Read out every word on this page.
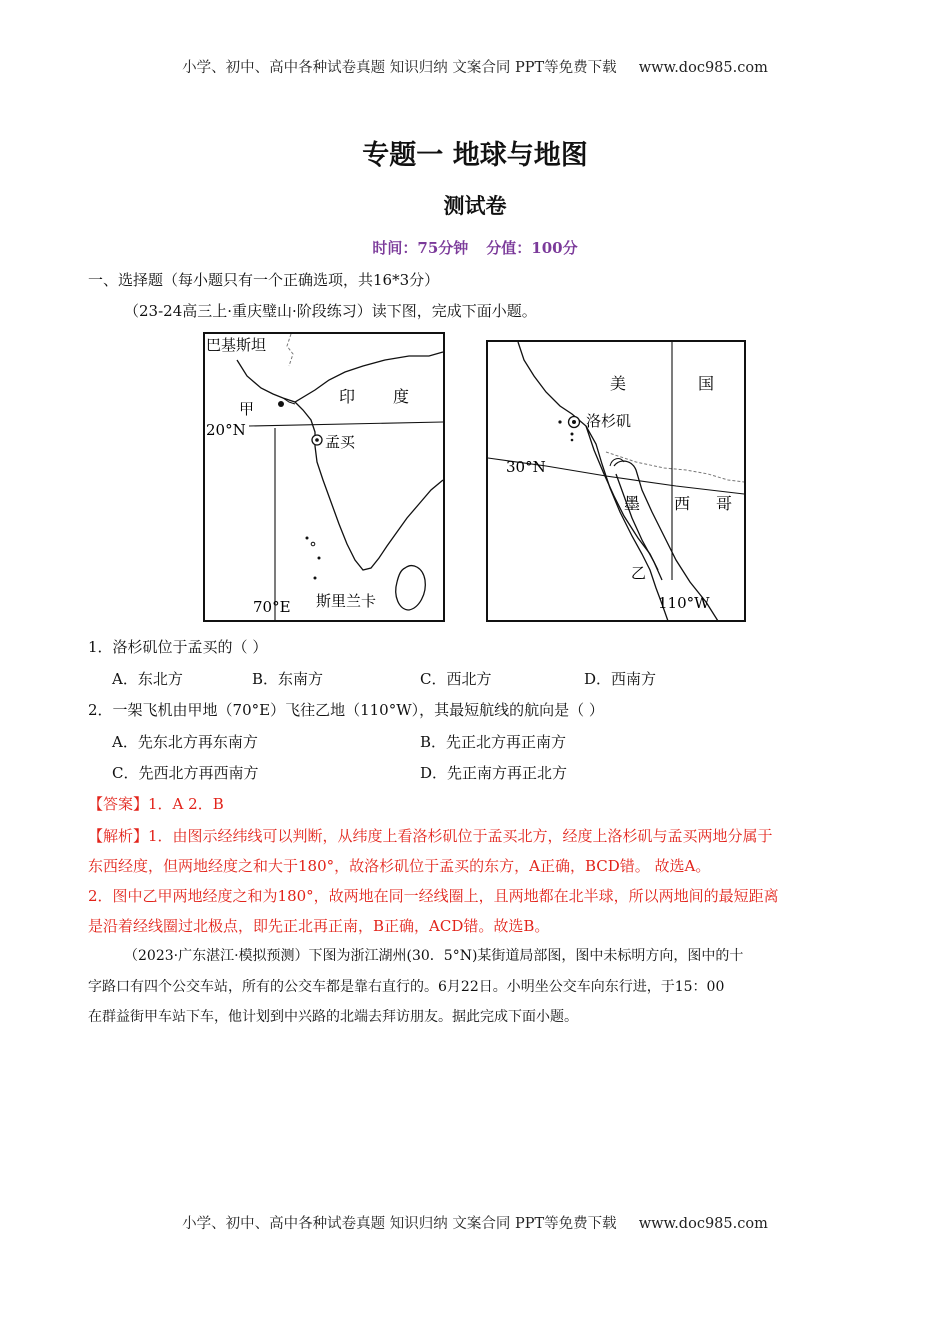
小学、初中、高中各种试卷真题 知识归纳 文案合同 PPT等免费下载 www.doc985.com
专题一 地球与地图
测试卷
时间：75分钟 分值：100分
一、选择题（每小题只有一个正确选项，共16*3分）
（23-24高三上·重庆璧山·阶段练习）读下图，完成下面小题。
巴基斯坦
印 度
甲
20°N
孟买
70°E 斯里兰卡
美	国
洛杉矶
30°N
墨 西 哥
乙
110°W
1．洛杉矶位于孟买的（ ）
A．东北方	B．东南方	C．西北方	D．西南方
2．一架飞机由甲地（70°E）飞往乙地（110°W），其最短航线的航向是（ ）
A．先东北方再东南方	B．先正北方再正南方
C．先西北方再西南方	D．先正南方再正北方
【答案】1．A 2．B
【解析】1．由图示经纬线可以判断，从纬度上看洛杉矶位于孟买北方，经度上洛杉矶与孟买两地分属于
东西经度，但两地经度之和大于180°，故洛杉矶位于孟买的东方，A正确，BCD错。 故选A。
2．图中乙甲两地经度之和为180°，故两地在同一经线圈上，且两地都在北半球，所以两地间的最短距离
是沿着经线圈过北极点，即先正北再正南，B正确，ACD错。故选B。
（2023·广东湛江·模拟预测）下图为浙江湖州(30．5°N)某街道局部图，图中未标明方向，图中的十
字路口有四个公交车站，所有的公交车都是靠右直行的。6月22日。小明坐公交车向东行进，于15：00
在群益街甲车站下车，他计划到中兴路的北端去拜访朋友。据此完成下面小题。
小学、初中、高中各种试卷真题 知识归纳 文案合同 PPT等免费下载 www.doc985.com
